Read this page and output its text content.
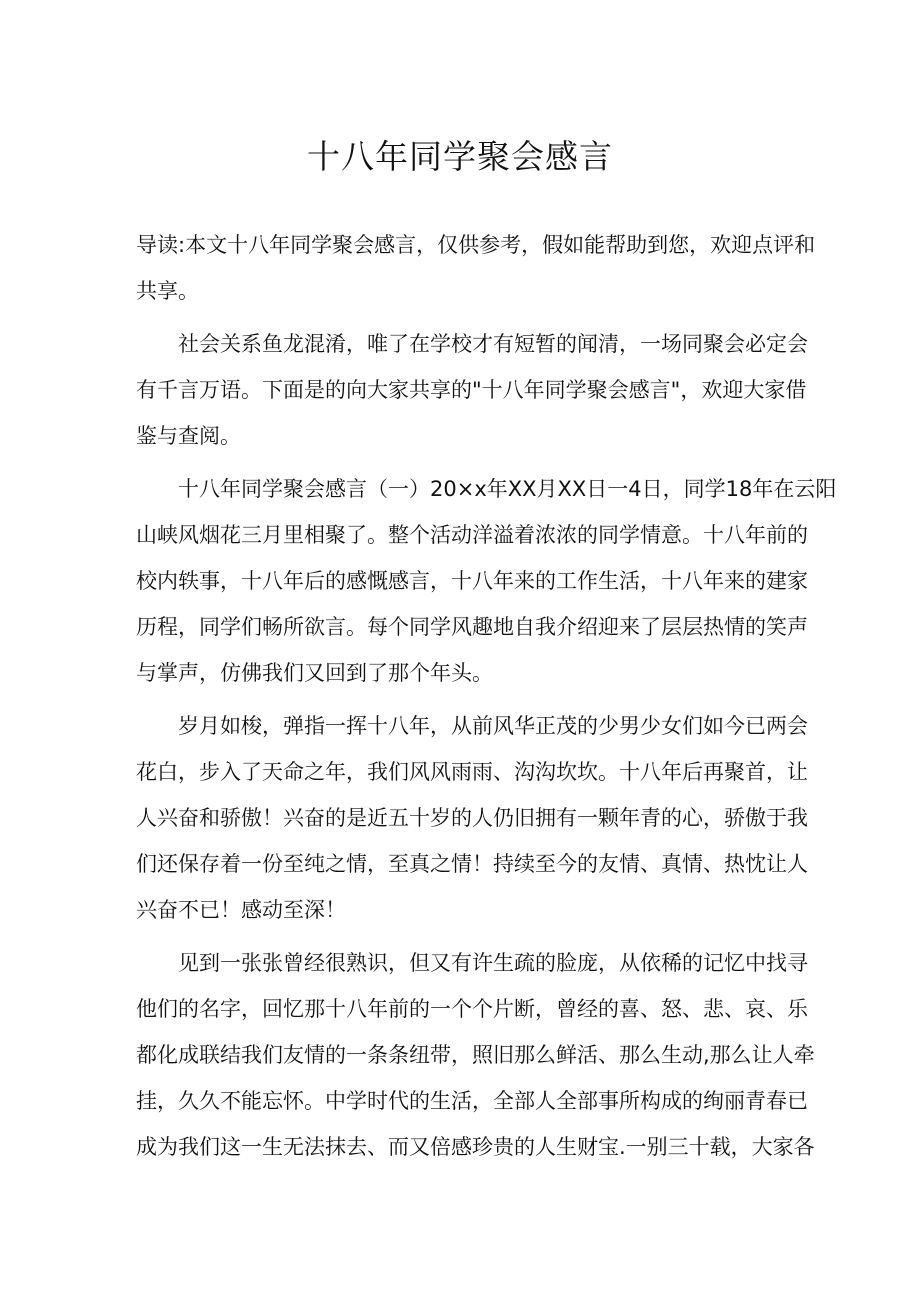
十八年同学聚会感言
导读:本文十八年同学聚会感言，仅供参考，假如能帮助到您，欢迎点评和
共享。
社会关系鱼龙混淆，唯了在学校才有短暂的闻清，一场同聚会必定会
有千言万语。下面是的向大家共享的"十八年同学聚会感言"，欢迎大家借
鉴与查阅。
十八年同学聚会感言（一）20×x年XX月XX日一4日，同学18年在云阳
山峡风烟花三月里相聚了。整个活动洋溢着浓浓的同学情意。十八年前的
校内轶事，十八年后的感慨感言，十八年来的工作生活，十八年来的建家
历程，同学们畅所欲言。每个同学风趣地自我介绍迎来了层层热情的笑声
与掌声，仿佛我们又回到了那个年头。
岁月如梭，弹指一挥十八年，从前风华正茂的少男少女们如今已两会
花白，步入了天命之年，我们风风雨雨、沟沟坎坎。十八年后再聚首，让
人兴奋和骄傲！兴奋的是近五十岁的人仍旧拥有一颗年青的心，骄傲于我
们还保存着一份至纯之情，至真之情！持续至今的友情、真情、热忱让人
兴奋不已！感动至深！
见到一张张曾经很熟识，但又有许生疏的脸庞，从依稀的记忆中找寻
他们的名字，回忆那十八年前的一个个片断，曾经的喜、怒、悲、哀、乐
都化成联结我们友情的一条条纽带，照旧那么鲜活、那么生动,那么让人牵
挂，久久不能忘怀。中学时代的生活，全部人全部事所构成的绚丽青春已
成为我们这一生无法抹去、而又倍感珍贵的人生财宝.一别三十载，大家各
